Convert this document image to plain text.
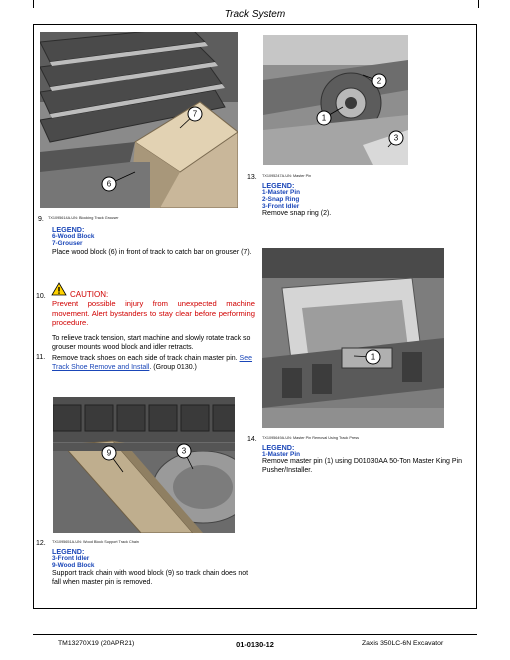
Track System
7
6
TX1095614A-UN: Blocking Track Grouser
9.
LEGEND:
6-Wood Block
7-Grouser
Place wood block (6) in front of track to catch bar on grouser (7).
10.	CAUTION:
Prevent possible injury from unexpected machine movement. Alert bystanders to stay clear before performing procedure.
To relieve track tension, start machine and slowly rotate track so grouser mounts wood block and idler retracts.
11. Remove track shoes on each side of track chain master pin. See Track Shoe Remove and Install. (Group 0130.)
9	3
TX1095651A-UN: Wood Block Support Track Chain
12.
LEGEND:
3-Front Idler
9-Wood Block
Support track chain with wood block (9) so track chain does not fall when master pin is removed.
2
1
3
TX1095247A-UN: Master Pin
13.
LEGEND:
1-Master Pin
2-Snap Ring
3-Front Idler
Remove snap ring (2).
1
TX1095649A-UN: Master Pin Removal Using Track Press
14.
LEGEND:
1-Master Pin
Remove master pin (1) using D01030AA 50-Ton Master King Pin Pusher/Installer.
TM13270X19 (20APR21)	01-0130-12	Zaxis 350LC-6N Excavator
